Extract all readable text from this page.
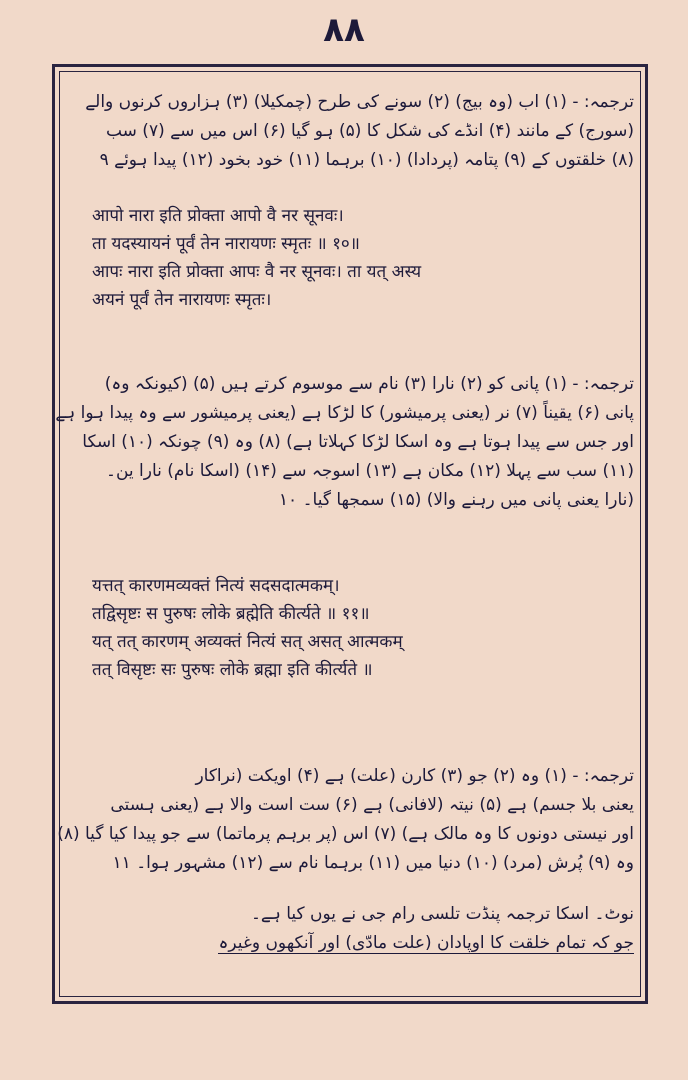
۸۸
ترجمہ: - (۱) اب (وہ بیج) (۲) سونے کی طرح (چمکیلا) (۳) ہزاروں کرنوں والے
(سورج) کے مانند (۴) انڈے کی شکل کا (۵) ہو گیا (۶) اس میں سے (۷) سب
(۸) خلقتوں کے (۹) پتامہ (پردادا) (۱۰) برہما (۱۱) خود بخود (۱۲) پیدا ہوئے ۹
आपो नारा इति प्रोक्ता आपो वै नर सूनवः।
ता यदस्यायनं पूर्वं तेन नारायणः स्मृतः ॥ १०॥
आपः नारा इति प्रोक्ता आपः वै नर सूनवः। ता यत् अस्य
अयनं पूर्वं तेन नारायणः स्मृतः।
ترجمہ: - (۱) پانی کو (۲) نارا (۳) نام سے موسوم کرتے ہیں (۵) (کیونکہ وہ)
پانی (۶) یقیناً (۷) نر (یعنی پرمیشور) کا لڑکا ہے (یعنی پرمیشور سے وہ پیدا ہوا ہے
اور جس سے پیدا ہوتا ہے وہ اسکا لڑکا کہلاتا ہے) (۸) وہ (۹) چونکہ (۱۰) اسکا
(۱۱) سب سے پہلا (۱۲) مکان ہے (۱۳) اسوجہ سے (۱۴) (اسکا نام) نارا ین۔
(نارا یعنی پانی میں رہنے والا) (۱۵) سمجھا گیا۔ ۱۰
यत्तत् कारणमव्यक्तं नित्यं सदसदात्मकम्।
तद्विसृष्टः स पुरुषः लोके ब्रह्मेति कीर्त्यते ॥ ११॥
यत् तत् कारणम् अव्यक्तं नित्यं सत् असत् आत्मकम्
तत् विसृष्टः सः पुरुषः लोके ब्रह्मा इति कीर्त्यते ॥
ترجمہ: - (۱) وہ (۲) جو (۳) کارن (علت) ہے (۴) اویکت (نراکار
یعنی بلا جسم) ہے (۵) نیتہ (لافانی) ہے (۶) ست است والا ہے (یعنی ہستی
اور نیستی دونوں کا وہ مالک ہے) (۷) اس (پر برہم پرماتما) سے جو پیدا کیا گیا (۸)
وہ (۹) پُرش (مرد) (۱۰) دنیا میں (۱۱) برہما نام سے (۱۲) مشہور ہوا۔ ۱۱
نوٹ۔ اسکا ترجمہ پنڈت تلسی رام جی نے یوں کیا ہے۔
جو کہ تمام خلقت کا اوپادان (علت مادّی) اور آنکھوں وغیرہ
